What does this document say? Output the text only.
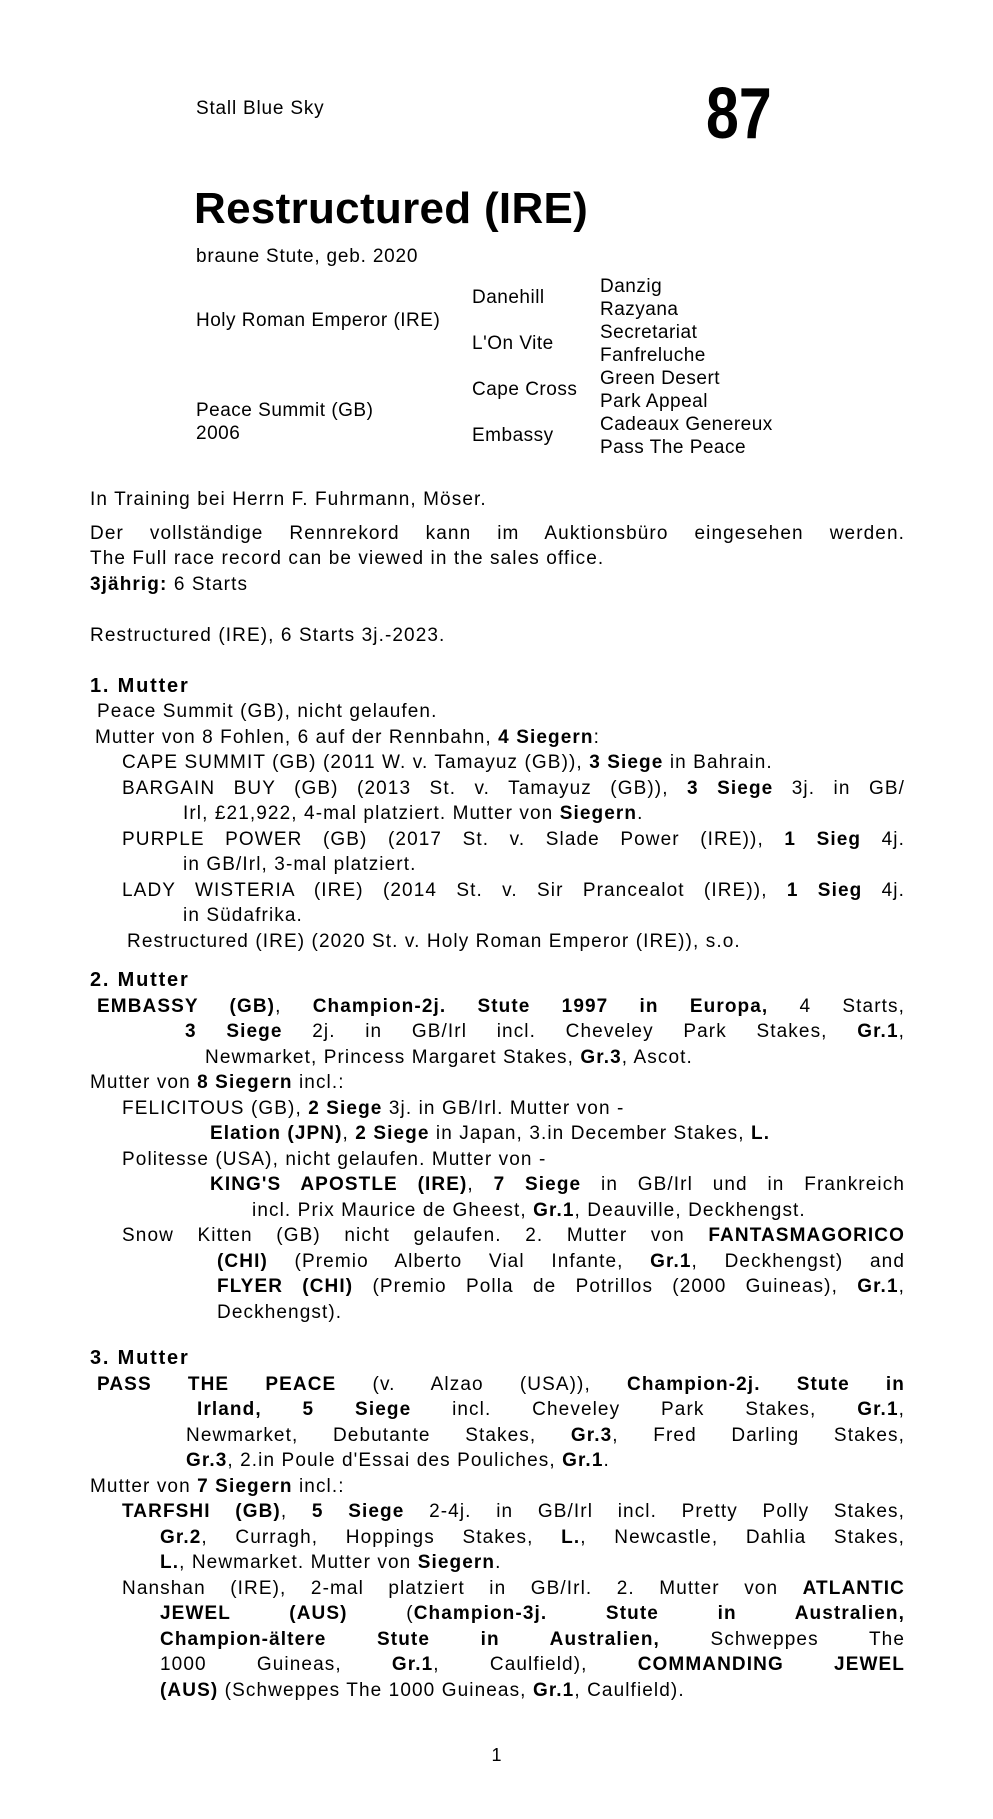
Stall Blue Sky	87
Restructured (IRE)
braune Stute, geb. 2020
Holy Roman Emperor (IRE)
Peace Summit (GB)
2006
Danehill
L'On Vite
Cape Cross
Embassy
Danzig
Razyana
Secretariat
Fanfreluche
Green Desert
Park Appeal
Cadeaux Genereux
Pass The Peace
In Training bei Herrn F. Fuhrmann, Möser.
Der vollständige Rennrekord kann im Auktionsbüro eingesehen werden.
The Full race record can be viewed in the sales office.
3jährig: 6 Starts
Restructured (IRE), 6 Starts 3j.-2023.
1. Mutter
Peace Summit (GB), nicht gelaufen.
Mutter von 8 Fohlen, 6 auf der Rennbahn, 4 Siegern:
CAPE SUMMIT (GB) (2011 W. v. Tamayuz (GB)), 3 Siege in Bahrain.
BARGAIN BUY (GB) (2013 St. v. Tamayuz (GB)), 3 Siege 3j. in GB/
Irl, £21,922, 4-mal platziert. Mutter von Siegern.
PURPLE POWER (GB) (2017 St. v. Slade Power (IRE)), 1 Sieg 4j.
in GB/Irl, 3-mal platziert.
LADY WISTERIA (IRE) (2014 St. v. Sir Prancealot (IRE)), 1 Sieg 4j.
in Südafrika.
Restructured (IRE) (2020 St. v. Holy Roman Emperor (IRE)), s.o.
2. Mutter
EMBASSY (GB), Champion-2j. Stute 1997 in Europa, 4 Starts,
3 Siege 2j. in GB/Irl incl. Cheveley Park Stakes, Gr.1,
Newmarket, Princess Margaret Stakes, Gr.3, Ascot.
Mutter von 8 Siegern incl.:
FELICITOUS (GB), 2 Siege 3j. in GB/Irl. Mutter von -
Elation (JPN), 2 Siege in Japan, 3.in December Stakes, L.
Politesse (USA), nicht gelaufen. Mutter von -
KING'S APOSTLE (IRE), 7 Siege in GB/Irl und in Frankreich
incl. Prix Maurice de Gheest, Gr.1, Deauville, Deckhengst.
Snow Kitten (GB) nicht gelaufen. 2. Mutter von FANTASMAGORICO
(CHI) (Premio Alberto Vial Infante, Gr.1, Deckhengst) and
FLYER (CHI) (Premio Polla de Potrillos (2000 Guineas), Gr.1,
Deckhengst).
3. Mutter
PASS THE PEACE (v. Alzao (USA)), Champion-2j. Stute in
Irland, 5 Siege incl. Cheveley Park Stakes, Gr.1,
Newmarket, Debutante Stakes, Gr.3, Fred Darling Stakes,
Gr.3, 2.in Poule d'Essai des Pouliches, Gr.1.
Mutter von 7 Siegern incl.:
TARFSHI (GB), 5 Siege 2-4j. in GB/Irl incl. Pretty Polly Stakes,
Gr.2, Curragh, Hoppings Stakes, L., Newcastle, Dahlia Stakes,
L., Newmarket. Mutter von Siegern.
Nanshan (IRE), 2-mal platziert in GB/Irl. 2. Mutter von ATLANTIC
JEWEL (AUS) (Champion-3j. Stute in Australien,
Champion-ältere Stute in Australien, Schweppes The
1000 Guineas, Gr.1, Caulfield), COMMANDING JEWEL
(AUS) (Schweppes The 1000 Guineas, Gr.1, Caulfield).
1
